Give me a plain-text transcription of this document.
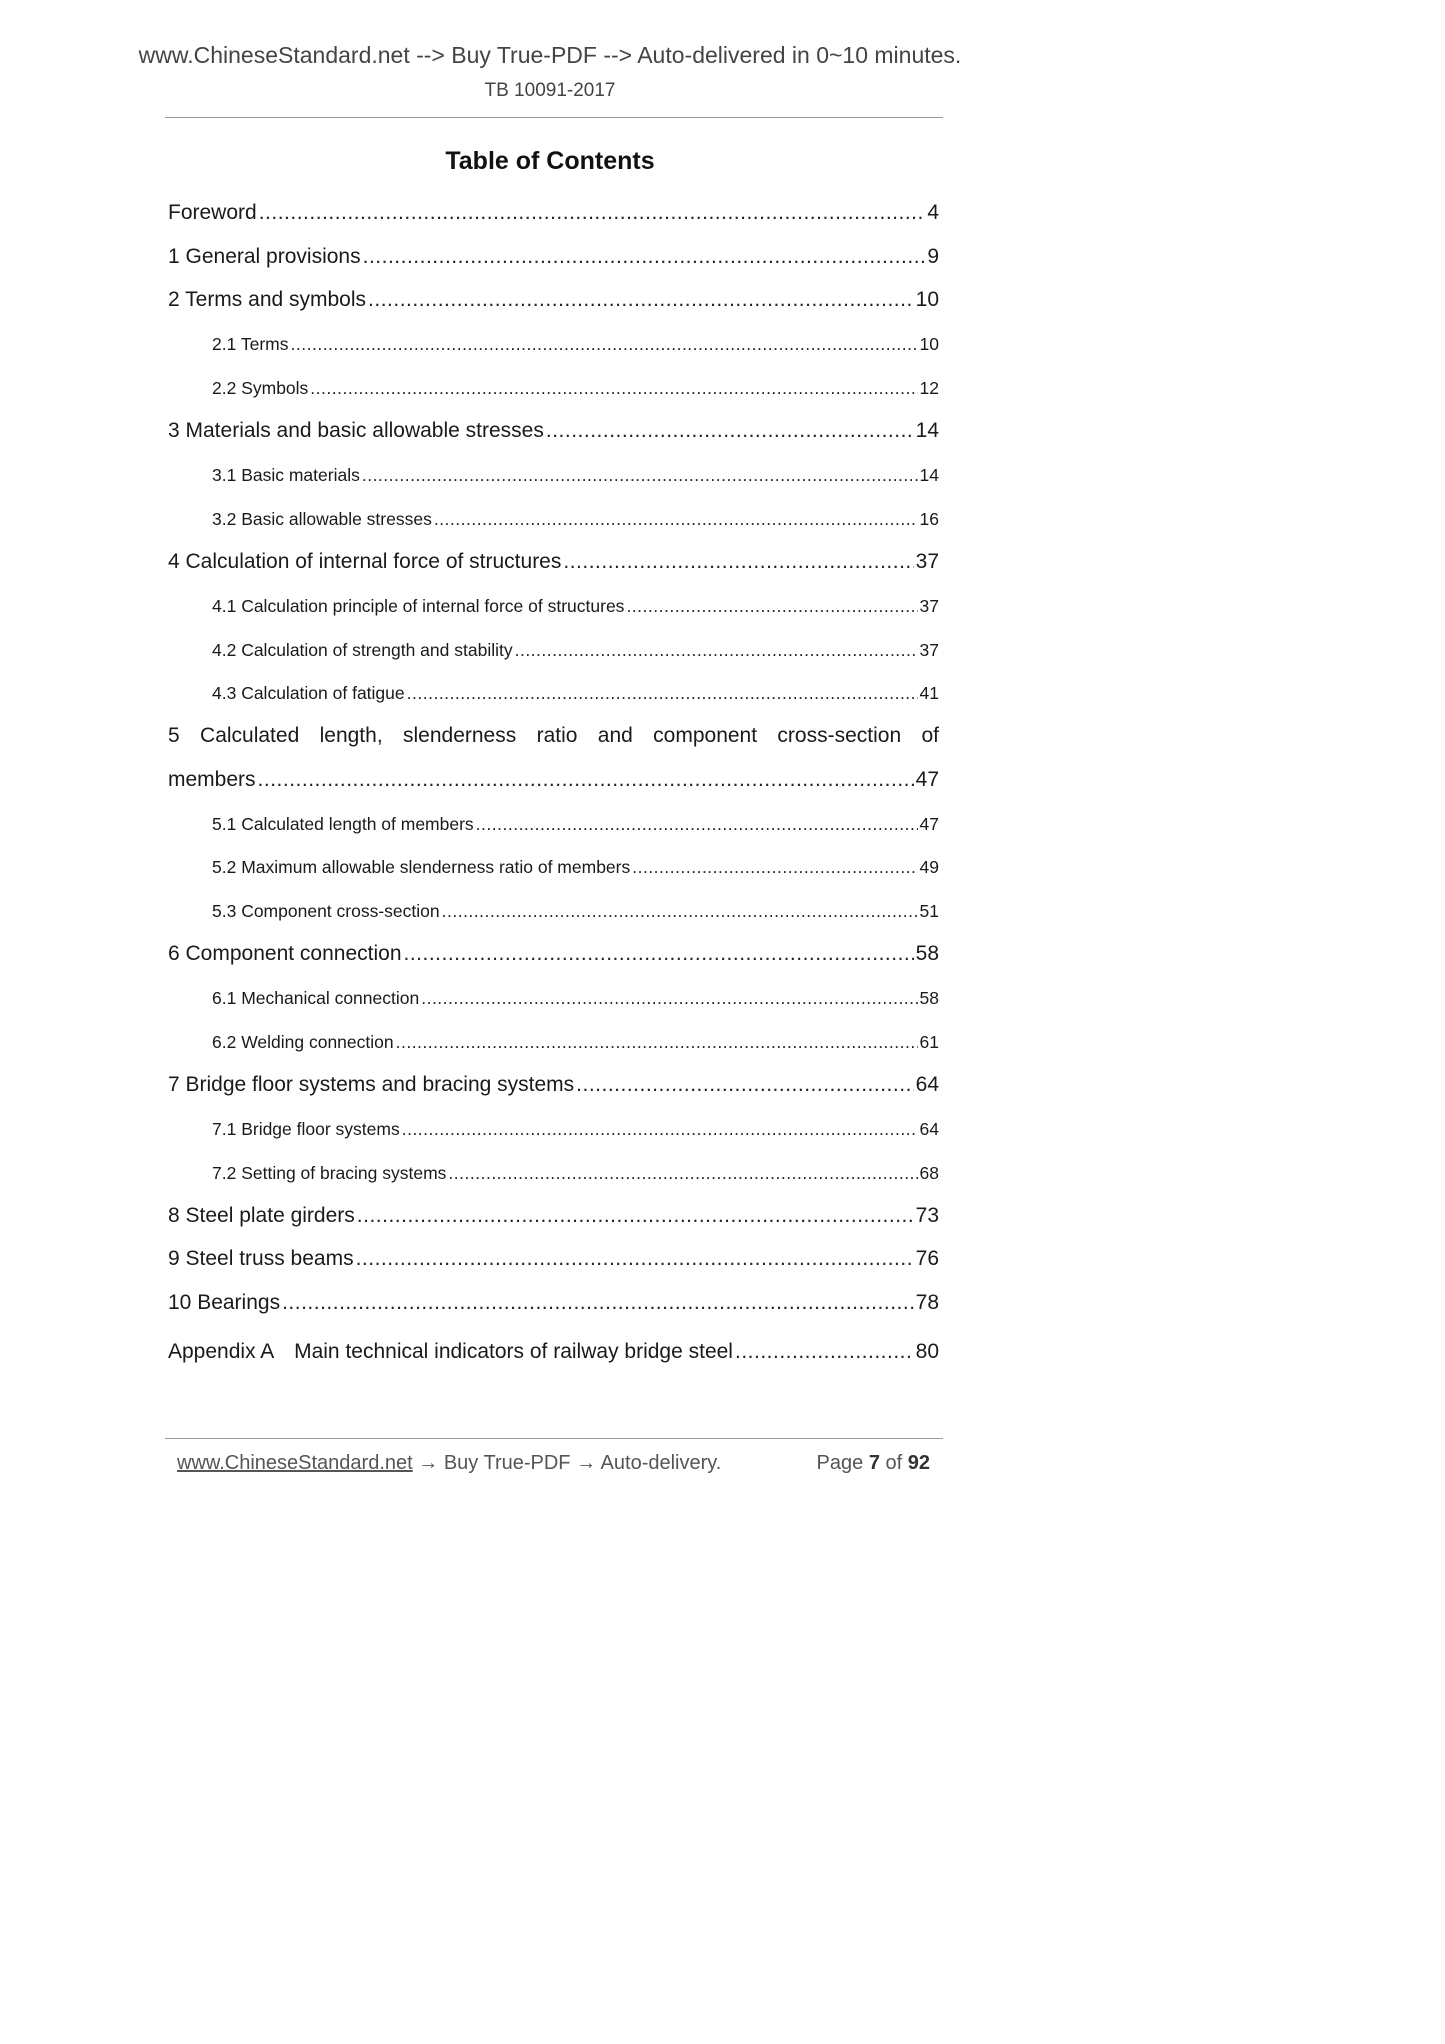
www.ChineseStandard.net --> Buy True-PDF --> Auto-delivered in 0~10 minutes.
TB 10091-2017
Table of Contents
Foreword .....	4
1 General provisions .....	9
2 Terms and symbols .....	10
2.1 Terms .....	10
2.2 Symbols .....	12
3 Materials and basic allowable stresses .....	14
3.1 Basic materials .....	14
3.2 Basic allowable stresses .....	16
4 Calculation of internal force of structures .....	37
4.1 Calculation principle of internal force of structures .....	37
4.2 Calculation of strength and stability .....	37
4.3 Calculation of fatigue .....	41
5 Calculated length, slenderness ratio and component cross-section of
members .....	47
5.1 Calculated length of members .....	47
5.2 Maximum allowable slenderness ratio of members .....	49
5.3 Component cross-section .....	51
6 Component connection .....	58
6.1 Mechanical connection .....	58
6.2 Welding connection .....	61
7 Bridge floor systems and bracing systems .....	64
7.1 Bridge floor systems .....	64
7.2 Setting of bracing systems .....	68
8 Steel plate girders .....	73
9 Steel truss beams .....	76
10 Bearings .....	78
Appendix A　Main technical indicators of railway bridge steel .....	80
www.ChineseStandard.net → Buy True-PDF → Auto-delivery.	Page 7 of 92
